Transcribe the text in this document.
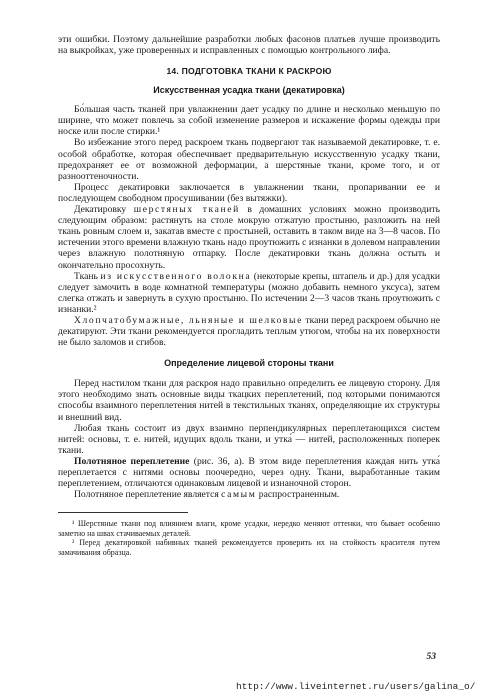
эти ошибки. Поэтому дальнейшие разработки любых фасонов платьев лучше производить на выкройках, уже проверенных и исправленных с помощью контрольного лифа.

14. ПОДГОТОВКА ТКАНИ К РАСКРОЮ
Искусственная усадка ткани (декатировка)

Бо́льшая часть тканей при увлажнении дает усадку по длине и несколько меньшую по ширине, что может повлечь за собой изменение размеров и искажение формы одежды при носке или после стирки.¹

Во избежание этого перед раскроем ткань подвергают так называемой декатировке, т. е. особой обработке, которая обеспечивает предварительную искусственную усадку ткани, предохраняет ее от возможной деформации, а шерстяные ткани, кроме того, и от разнооттеночности.

Процесс декатировки заключается в увлажнении ткани, пропаривании ее и последующем свободном просушивании (без вытяжки).

Декатировку шерстяных тканей в домашних условиях можно производить следующим образом: растянуть на столе мокрую отжатую простыню, разложить на ней ткань ровным слоем и, закатав вместе с простыней, оставить в таком виде на 3—8 часов. По истечении этого времени влажную ткань надо проутюжить с изнанки в долевом направлении через влажную полотняную отпарку. После декатировки ткань должна остыть и окончательно просохнуть.

Ткань из искусственного волокна (некоторые крепы, штапель и др.) для усадки следует замочить в воде комнатной температуры (можно добавить немного уксуса), затем слегка отжать и завернуть в сухую простыню. По истечении 2—3 часов ткань проутюжить с изнанки.²

Хлопчатобумажные, льняные и шелковые ткани перед раскроем обычно не декатируют. Эти ткани рекомендуется прогладить теплым утюгом, чтобы на их поверхности не было заломов и сгибов.

Определение лицевой стороны ткани

Перед настилом ткани для раскроя надо правильно определить ее лицевую сторону. Для этого необходимо знать основные виды ткацких переплетений, под которыми понимаются способы взаимного переплетения нитей в текстильных тканях, определяющие их структуры и внешний вид.

Любая ткань состоит из двух взаимно перпендикулярных переплетающихся систем нитей: основы, т. е. нитей, идущих вдоль ткани, и утка́ — нитей, расположенных поперек ткани.

Полотняное переплетение (рис. 36, а). В этом виде переплетения каждая нить утка́ переплетается с нитями основы поочередно, через одну. Ткани, выработанные таким переплетением, отличаются одинаковым лицевой и изнаночной сторон.

Полотняное переплетение является самым распространенным.

¹ Шерстяные ткани под влиянием влаги, кроме усадки, нередко меняют оттенки, что бывает особенно заметно на швах стачиваемых деталей.

² Перед декатировкой набивных тканей рекомендуется проверить их на стойкость красителя путем замачивания образца.

53
http://www.liveinternet.ru/users/galina_o/
